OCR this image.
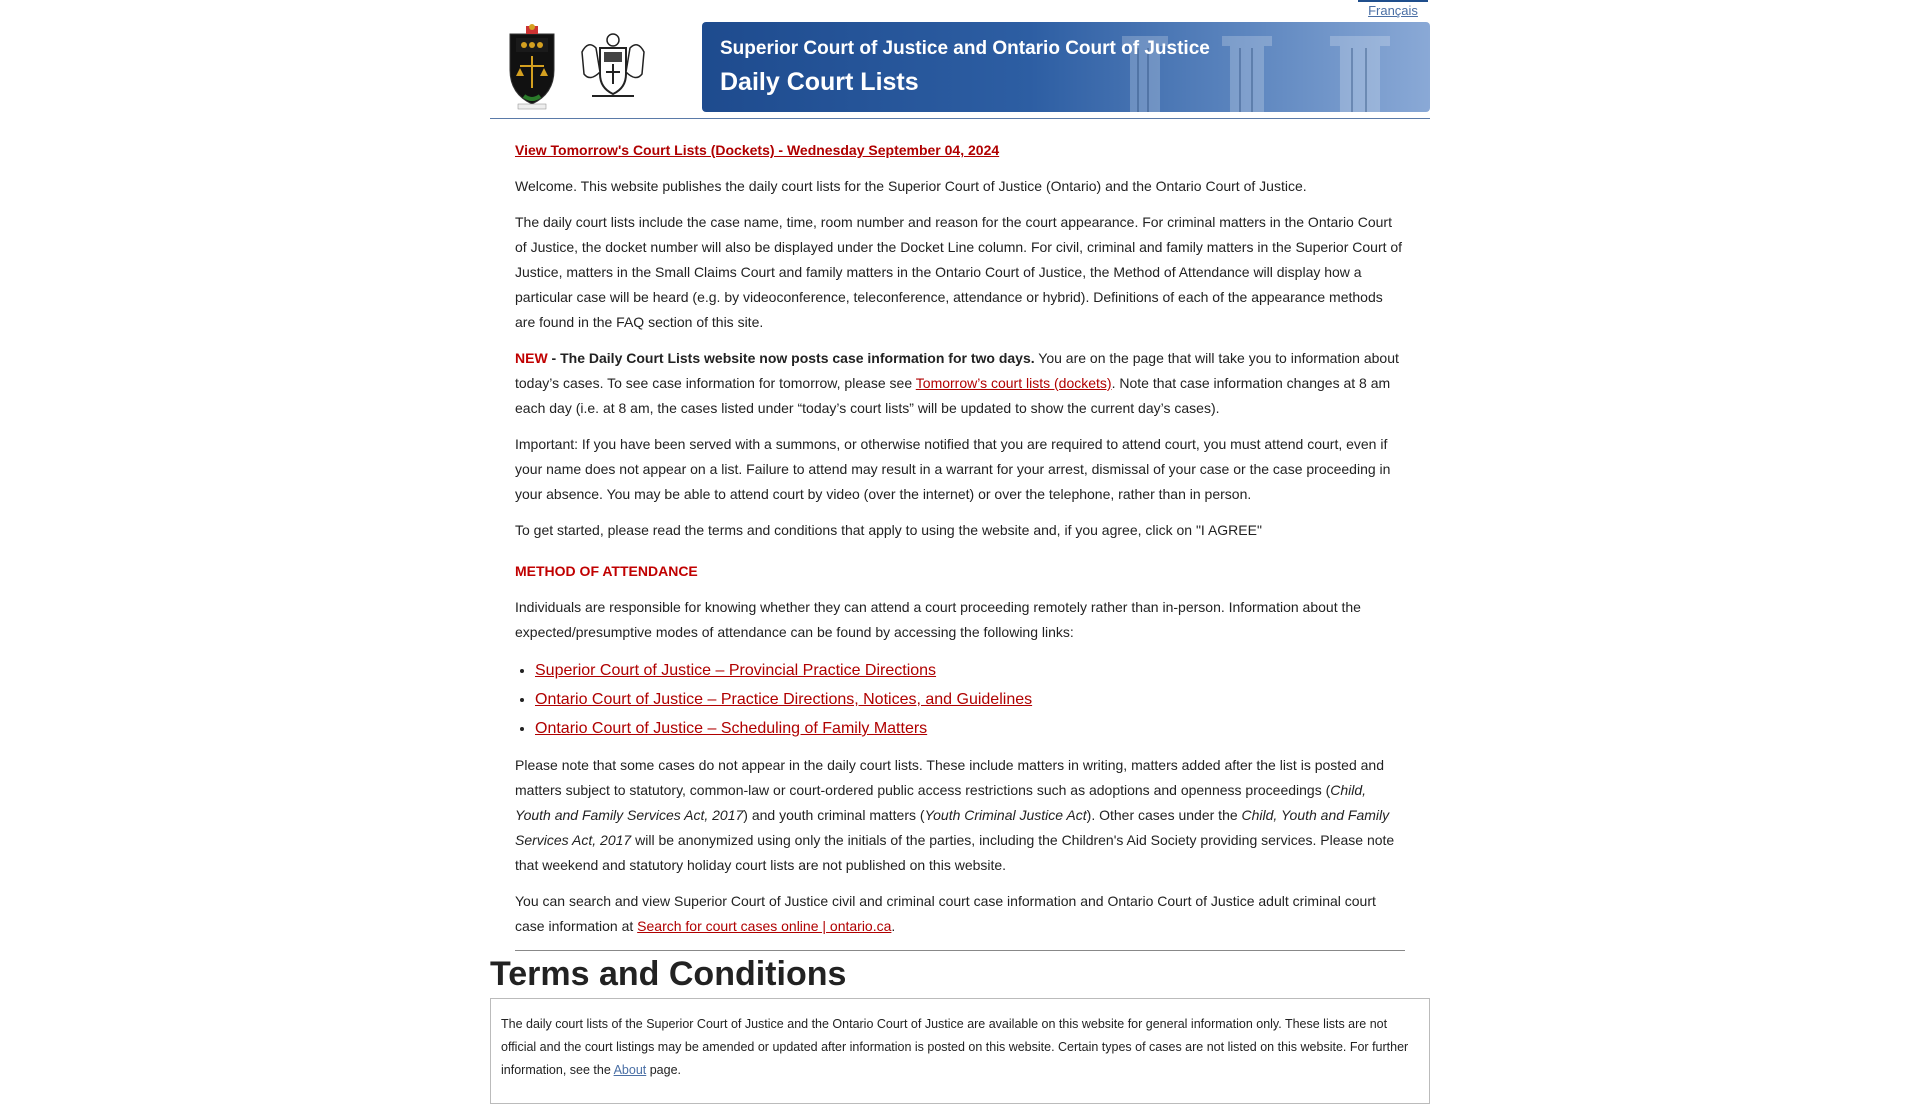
Français
Superior Court of Justice and Ontario Court of Justice
Daily Court Lists

View Tomorrow's Court Lists (Dockets) - Wednesday September 04, 2024

Welcome. This website publishes the daily court lists for the Superior Court of Justice (Ontario) and the Ontario Court of Justice.

The daily court lists include the case name, time, room number and reason for the court appearance. For criminal matters in the Ontario Court of Justice, the docket number will also be displayed under the Docket Line column. For civil, criminal and family matters in the Superior Court of Justice, matters in the Small Claims Court and family matters in the Ontario Court of Justice, the Method of Attendance will display how a particular case will be heard (e.g. by videoconference, teleconference, attendance or hybrid). Definitions of each of the appearance methods are found in the FAQ section of this site.

NEW - The Daily Court Lists website now posts case information for two days. You are on the page that will take you to information about today’s cases. To see case information for tomorrow, please see Tomorrow’s court lists (dockets). Note that case information changes at 8 am each day (i.e. at 8 am, the cases listed under “today’s court lists” will be updated to show the current day’s cases).

Important: If you have been served with a summons, or otherwise notified that you are required to attend court, you must attend court, even if your name does not appear on a list. Failure to attend may result in a warrant for your arrest, dismissal of your case or the case proceeding in your absence. You may be able to attend court by video (over the internet) or over the telephone, rather than in person.

To get started, please read the terms and conditions that apply to using the website and, if you agree, click on "I AGREE"

METHOD OF ATTENDANCE

Individuals are responsible for knowing whether they can attend a court proceeding remotely rather than in-person. Information about the expected/presumptive modes of attendance can be found by accessing the following links:

• Superior Court of Justice – Provincial Practice Directions
• Ontario Court of Justice – Practice Directions, Notices, and Guidelines
• Ontario Court of Justice – Scheduling of Family Matters

Please note that some cases do not appear in the daily court lists. These include matters in writing, matters added after the list is posted and matters subject to statutory, common-law or court-ordered public access restrictions such as adoptions and openness proceedings (Child, Youth and Family Services Act, 2017) and youth criminal matters (Youth Criminal Justice Act). Other cases under the Child, Youth and Family Services Act, 2017 will be anonymized using only the initials of the parties, including the Children's Aid Society providing services. Please note that weekend and statutory holiday court lists are not published on this website.

You can search and view Superior Court of Justice civil and criminal court case information and Ontario Court of Justice adult criminal court case information at Search for court cases online | ontario.ca.

Terms and Conditions
The daily court lists of the Superior Court of Justice and the Ontario Court of Justice are available on this website for general information only. These lists are not official and the court listings may be amended or updated after information is posted on this website. Certain types of cases are not listed on this website. For further information, see the About page.
